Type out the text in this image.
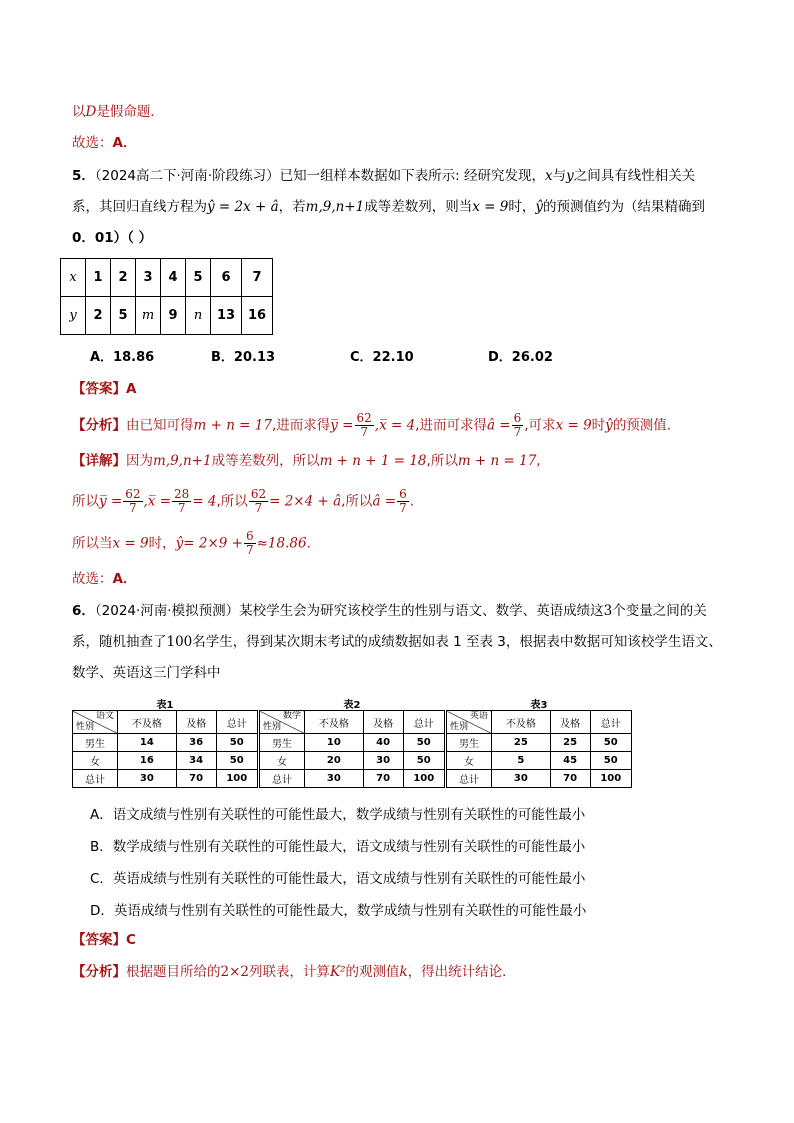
以D是假命题．
故选：A．
5．（2024高二下·河南·阶段练习）已知一组样本数据如下表所示: 经研究发现，x与y之间具有线性相关关
系，其回归直线方程为ŷ = 2x + â，若m,9,n+1成等差数列，则当x = 9时，ŷ的预测值约为（结果精确到
0．01）（ ）
x	1	2	3	4	5	6	7
y	2	5	m	9	n	13	16
A．18.86	B．20.13	C．22.10	D．26.02
【答案】A
【分析】由已知可得m + n = 17,进而求得y̅ = $\frac{62}{7}$ ,x̅ = 4,进而可求得â = $\frac{6}{7}$ ,可求x = 9时ŷ的预测值.
【详解】因为m,9,n+1成等差数列，所以m + n + 1 = 18,所以m + n = 17,
所以y̅ = $\frac{62}{7}$ ,x̅ = $\frac{28}{7} = 4$,所以 $\frac{62}{7} = 2\times 4$ + â,所以â = $\frac{6}{7}$ .
所以当x = 9时，ŷ= $2\times 9 + \frac{6}{7} \approx 18.86$.
故选：A．
6．（2024·河南·模拟预测）某校学生会为研究该校学生的性别与语文、数学、英语成绩这3个变量之间的关
系，随机抽查了100名学生，得到某次期末考试的成绩数据如表 1 至表 3，根据表中数据可知该校学生语文、
数学、英语这三门学科中
表1
语文
性别	不及格	及格	总计
男生	14	36	50
女	16	34	50
总计	30	70	100
表2
数学
性别	不及格	及格	总计
男生	10	40	50
女	20	30	50
总计	30	70	100
表3
英语
性别	不及格	及格	总计
男生	25	25	50
女	5	45	50
总计	30	70	100
A．语文成绩与性别有关联性的可能性最大，数学成绩与性别有关联性的可能性最小
B．数学成绩与性别有关联性的可能性最大，语文成绩与性别有关联性的可能性最小
C．英语成绩与性别有关联性的可能性最大，语文成绩与性别有关联性的可能性最小
D．英语成绩与性别有关联性的可能性最大，数学成绩与性别有关联性的可能性最小
【答案】C
【分析】根据题目所给的2×2列联表，计算K²的观测值k，得出统计结论．
